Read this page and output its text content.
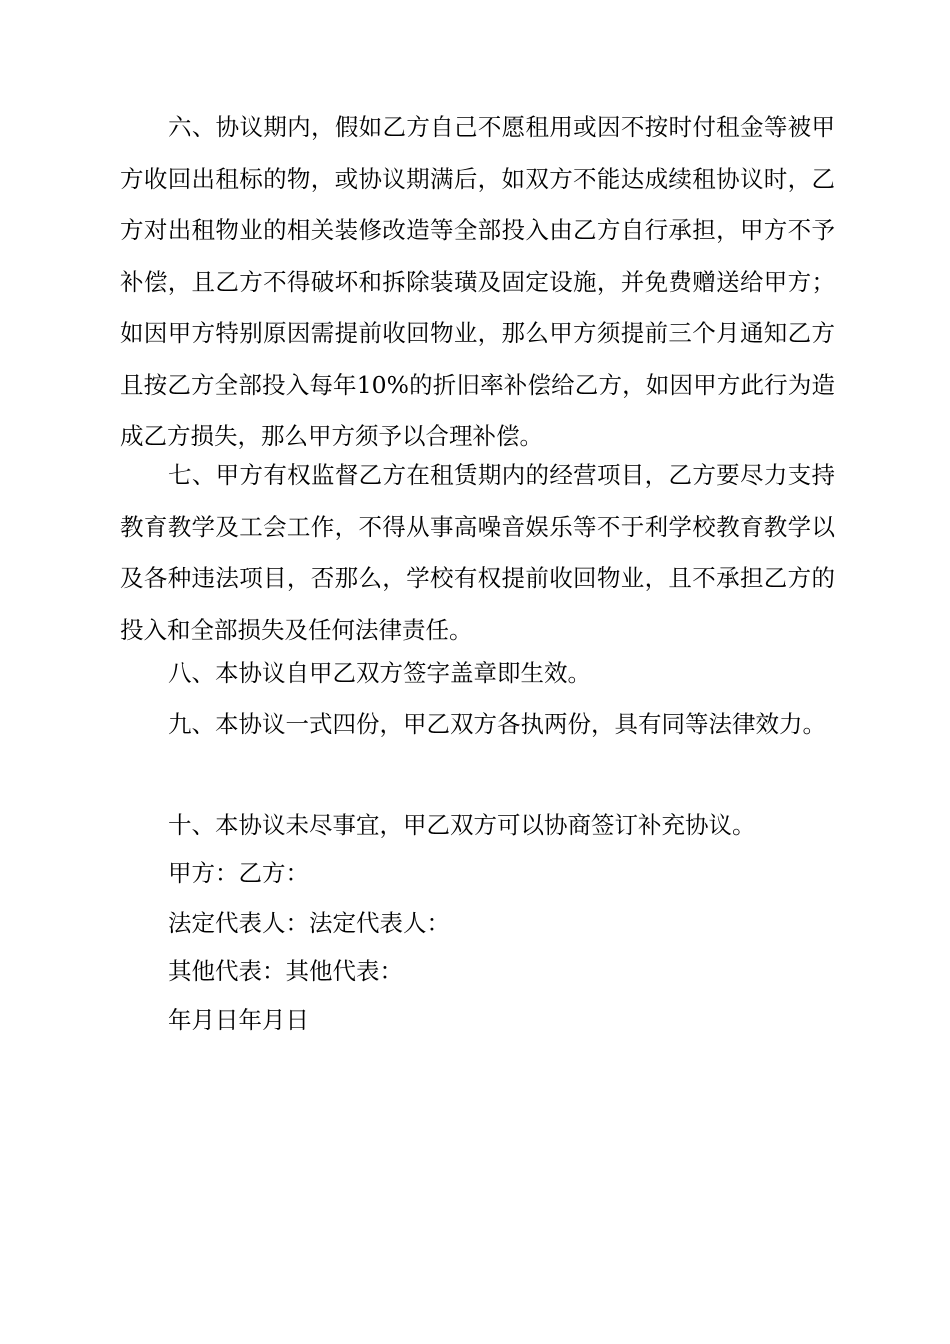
六、协议期内，假如乙方自己不愿租用或因不按时付租金等被甲方收回出租标的物，或协议期满后，如双方不能达成续租协议时，乙方对出租物业的相关装修改造等全部投入由乙方自行承担，甲方不予补偿，且乙方不得破坏和拆除装璜及固定设施，并免费赠送给甲方；如因甲方特别原因需提前收回物业，那么甲方须提前三个月通知乙方且按乙方全部投入每年10%的折旧率补偿给乙方，如因甲方此行为造成乙方损失，那么甲方须予以合理补偿。

七、甲方有权监督乙方在租赁期内的经营项目，乙方要尽力支持教育教学及工会工作，不得从事高噪音娱乐等不于利学校教育教学以及各种违法项目，否那么，学校有权提前收回物业，且不承担乙方的投入和全部损失及任何法律责任。

八、本协议自甲乙双方签字盖章即生效。

九、本协议一式四份，甲乙双方各执两份，具有同等法律效力。

十、本协议未尽事宜，甲乙双方可以协商签订补充协议。

甲方：乙方：

法定代表人：法定代表人：

其他代表：其他代表：

年月日年月日
